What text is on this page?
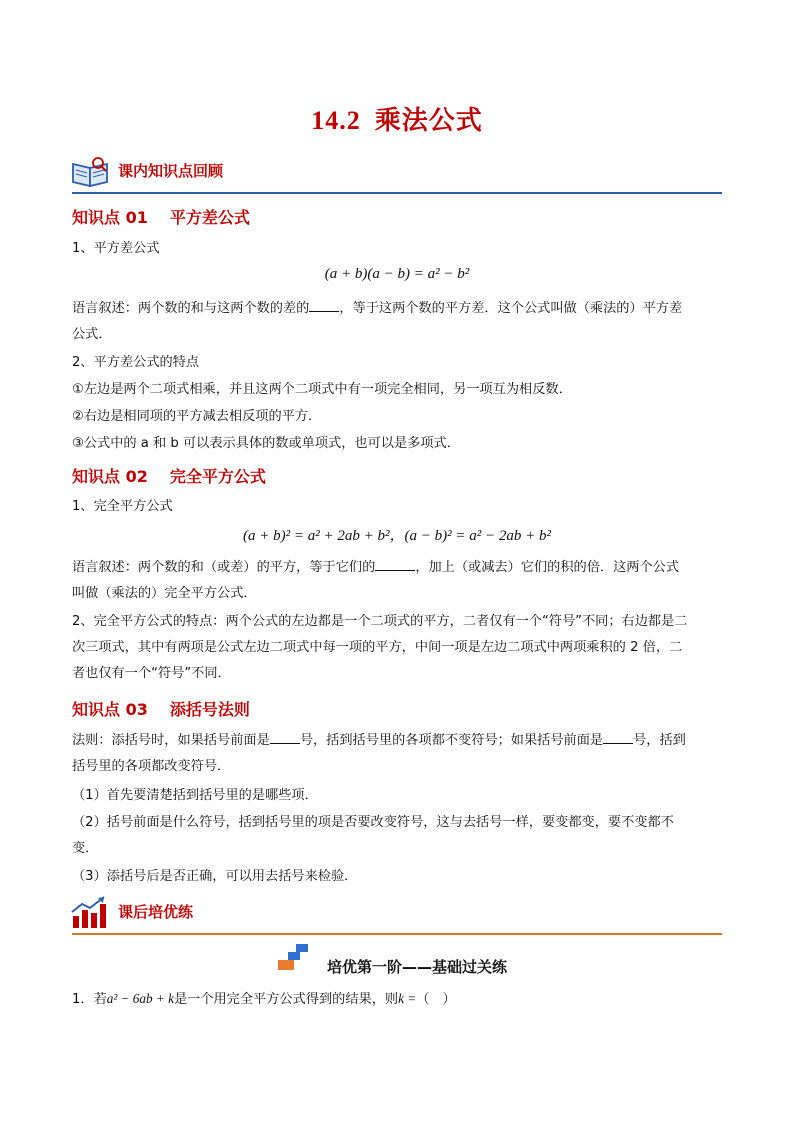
14.2 乘法公式
课内知识点回顾
知识点 01 平方差公式
1、平方差公式
(a + b)(a − b) = a² − b²
语言叙述：两个数的和与这两个数的差的 ，等于这两个数的平方差．这个公式叫做（乘法的）平方差
公式．
2、平方差公式的特点
①左边是两个二项式相乘，并且这两个二项式中有一项完全相同，另一项互为相反数．
②右边是相同项的平方减去相反项的平方．
③公式中的 a 和 b 可以表示具体的数或单项式，也可以是多项式．
知识点 02 完全平方公式
1、完全平方公式
(a + b)² = a² + 2ab + b²，(a − b)² = a² − 2ab + b²
语言叙述：两个数的和（或差）的平方，等于它们的	，加上（或减去）它们的积的倍．这两个公式
叫做（乘法的）完全平方公式．
2、完全平方公式的特点：两个公式的左边都是一个二项式的平方，二者仅有一个“符号”不同；右边都是二
次三项式，其中有两项是公式左边二项式中每一项的平方，中间一项是左边二项式中两项乘积的 2 倍，二
者也仅有一个“符号”不同．
知识点 03 添括号法则
法则：添括号时，如果括号前面是 号，括到括号里的各项都不变符号；如果括号前面是 号，括到
括号里的各项都改变符号．
（1）首先要清楚括到括号里的是哪些项．
（2）括号前面是什么符号，括到括号里的项是否要改变符号，这与去括号一样，要变都变，要不变都不
变．
（3）添括号后是否正确，可以用去括号来检验．
课后培优练
培优第一阶——基础过关练
1．若a² − 6ab + k是一个用完全平方公式得到的结果，则k =（　）
